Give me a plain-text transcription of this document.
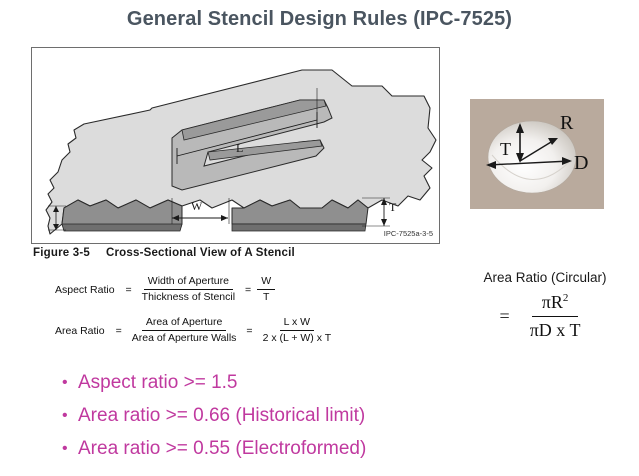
General Stencil Design Rules (IPC-7525)
L
W	T
IPC-7525a-3-5
Figure 3-5 Cross-Sectional View of A Stencil
R
T
D
Aspect Ratio = $\frac{\text{Width of Aperture}}{\text{Thickness of Stencil}} = \frac{W}{T}$
Area Ratio = $\frac{\text{Area of Aperture}}{\text{Area of Aperture Walls}} = \frac{\text{L x W}}{\text{2 x (L + W) x T}}$
Area Ratio (Circular)
= $\frac{\pi R^2}{\text{πD x T}}$
• Aspect ratio >= 1.5
• Area ratio >= 0.66 (Historical limit)
• Area ratio >= 0.55 (Electroformed)
